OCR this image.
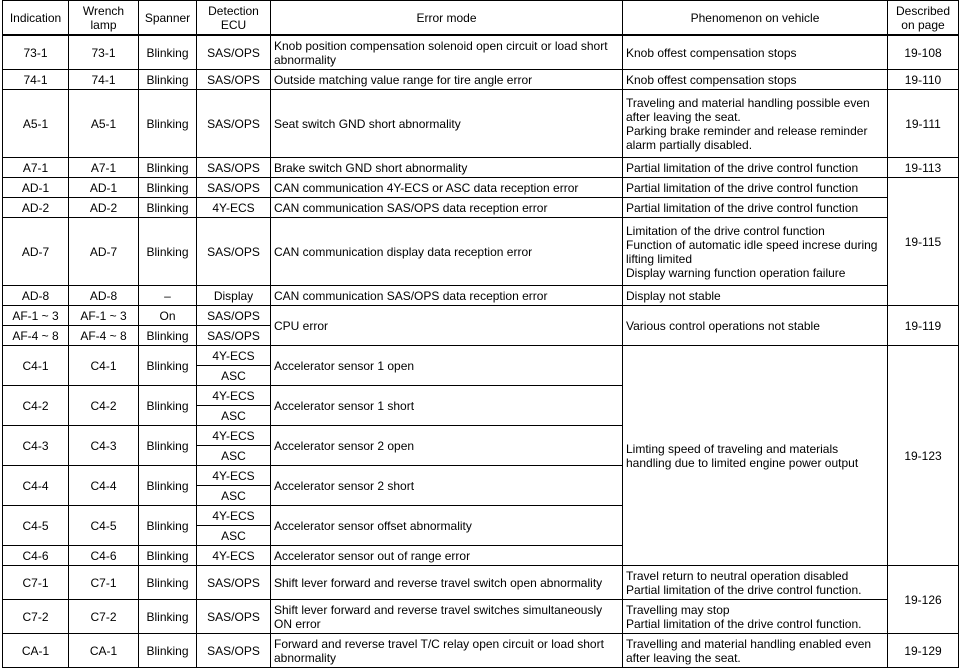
Indication	Wrench
lamp	Spanner	Detection
ECU	Error mode	Phenomenon on vehicle	Described
on page
73-1	73-1	Blinking	SAS/OPS	Knob position compensation solenoid open circuit or load short
abnormality	Knob offest compensation stops	19-108
74-1	74-1	Blinking	SAS/OPS	Outside matching value range for tire angle error	Knob offest compensation stops	19-110
A5-1	A5-1	Blinking	SAS/OPS	Seat switch GND short abnormality	Traveling and material handling possible even
after leaving the seat.
Parking brake reminder and release reminder
alarm partially disabled.	19-111
A7-1	A7-1	Blinking	SAS/OPS	Brake switch GND short abnormality	Partial limitation of the drive control function	19-113
AD-1	AD-1	Blinking	SAS/OPS	CAN communication 4Y-ECS or ASC data reception error	Partial limitation of the drive control function	19-115
AD-2	AD-2	Blinking	4Y-ECS	CAN communication SAS/OPS data reception error	Partial limitation of the drive control function	
AD-7	AD-7	Blinking	SAS/OPS	CAN communication display data reception error	Limitation of the drive control function
Function of automatic idle speed increse during
lifting limited
Display warning function operation failure	
AD-8	AD-8	–	Display	CAN communication SAS/OPS data reception error	Display not stable	
AF-1 ~ 3	AF-1 ~ 3	On	SAS/OPS	CPU error	Various control operations not stable	19-119
AF-4 ~ 8	AF-4 ~ 8	Blinking	SAS/OPS			
C4-1	C4-1	Blinking	4Y-ECS	Accelerator sensor 1 open	Limting speed of traveling and materials
handling due to limited engine power output	19-123
			ASC			
C4-2	C4-2	Blinking	4Y-ECS	Accelerator sensor 1 short		
			ASC			
C4-3	C4-3	Blinking	4Y-ECS	Accelerator sensor 2 open		
			ASC			
C4-4	C4-4	Blinking	4Y-ECS	Accelerator sensor 2 short		
			ASC			
C4-5	C4-5	Blinking	4Y-ECS	Accelerator sensor offset abnormality		
			ASC			
C4-6	C4-6	Blinking	4Y-ECS	Accelerator sensor out of range error		
C7-1	C7-1	Blinking	SAS/OPS	Shift lever forward and reverse travel switch open abnormality	Travel return to neutral operation disabled
Partial limitation of the drive control function.	19-126
C7-2	C7-2	Blinking	SAS/OPS	Shift lever forward and reverse travel switches simultaneously
ON error	Travelling may stop
Partial limitation of the drive control function.	
CA-1	CA-1	Blinking	SAS/OPS	Forward and reverse travel T/C relay open circuit or load short
abnormality	Travelling and material handling enabled even
after leaving the seat.	19-129
